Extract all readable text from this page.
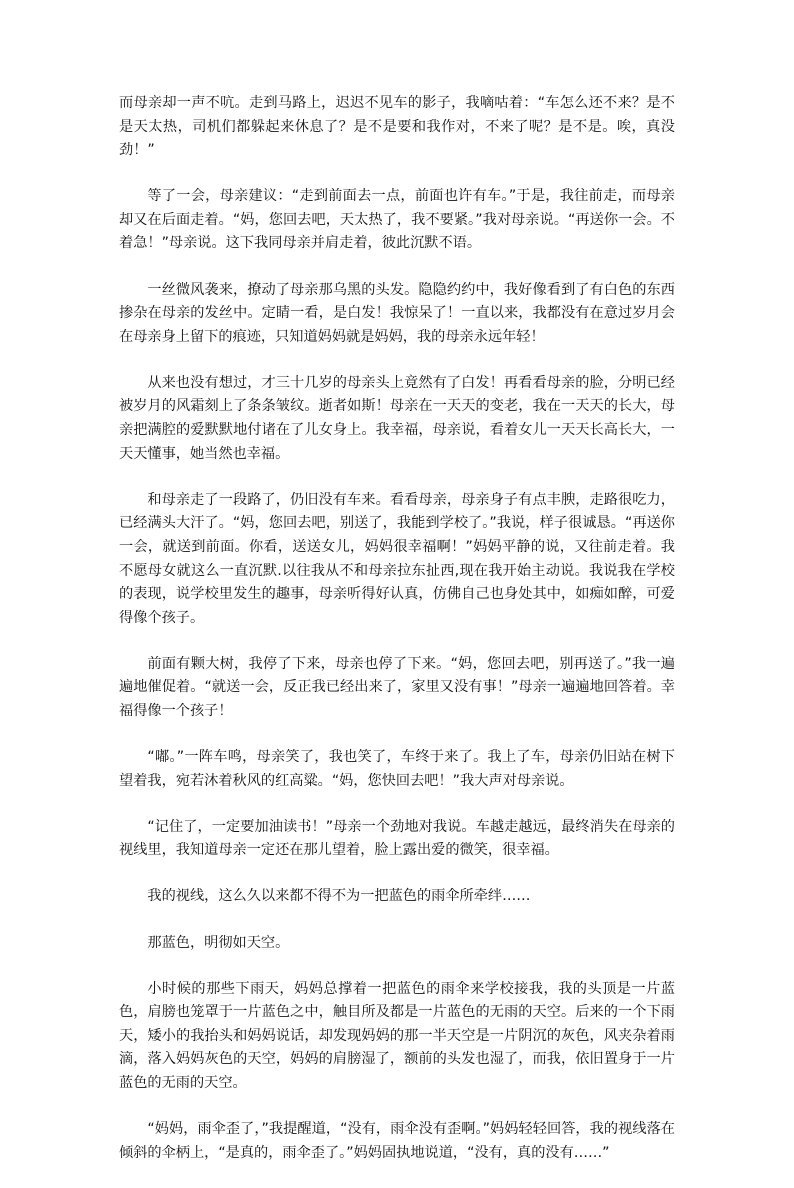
而母亲却一声不吭。走到马路上，迟迟不见车的影子，我嘀咕着：“车怎么还不来？是不是天太热，司机们都躲起来休息了？是不是要和我作对，不来了呢？是不是。唉，真没劲！”

等了一会，母亲建议：“走到前面去一点，前面也许有车。”于是，我往前走，而母亲却又在后面走着。“妈，您回去吧，天太热了，我不要紧。”我对母亲说。“再送你一会。不着急！”母亲说。这下我同母亲并肩走着，彼此沉默不语。

一丝微风袭来，撩动了母亲那乌黑的头发。隐隐约约中，我好像看到了有白色的东西掺杂在母亲的发丝中。定睛一看，是白发！我惊呆了！一直以来，我都没有在意过岁月会在母亲身上留下的痕迹，只知道妈妈就是妈妈，我的母亲永远年轻！

从来也没有想过，才三十几岁的母亲头上竟然有了白发！再看看母亲的脸，分明已经被岁月的风霜刻上了条条皱纹。逝者如斯！母亲在一天天的变老，我在一天天的长大，母亲把满腔的爱默默地付诸在了儿女身上。我幸福，母亲说，看着女儿一天天长高长大，一天天懂事，她当然也幸福。

和母亲走了一段路了，仍旧没有车来。看看母亲，母亲身子有点丰腴，走路很吃力，已经满头大汗了。“妈，您回去吧，别送了，我能到学校了。”我说，样子很诚恳。“再送你一会，就送到前面。你看，送送女儿，妈妈很幸福啊！”妈妈平静的说，又往前走着。我不愿母女就这么一直沉默.以往我从不和母亲拉东扯西,现在我开始主动说。我说我在学校的表现，说学校里发生的趣事，母亲听得好认真，仿佛自己也身处其中，如痴如醉，可爱得像个孩子。

前面有颗大树，我停了下来，母亲也停了下来。“妈，您回去吧，别再送了。”我一遍遍地催促着。“就送一会，反正我已经出来了，家里又没有事！”母亲一遍遍地回答着。幸福得像一个孩子！

“嘟。”一阵车鸣，母亲笑了，我也笑了，车终于来了。我上了车，母亲仍旧站在树下望着我，宛若沐着秋风的红高粱。“妈，您快回去吧！”我大声对母亲说。

“记住了，一定要加油读书！”母亲一个劲地对我说。车越走越远，最终消失在母亲的视线里，我知道母亲一定还在那儿望着，脸上露出爱的微笑，很幸福。

我的视线，这么久以来都不得不为一把蓝色的雨伞所牵绊……

那蓝色，明彻如天空。

小时候的那些下雨天，妈妈总撑着一把蓝色的雨伞来学校接我，我的头顶是一片蓝色，肩膀也笼罩于一片蓝色之中，触目所及都是一片蓝色的无雨的天空。后来的一个下雨天，矮小的我抬头和妈妈说话，却发现妈妈的那一半天空是一片阴沉的灰色，风夹杂着雨滴，落入妈妈灰色的天空，妈妈的肩膀湿了，额前的头发也湿了，而我，依旧置身于一片蓝色的无雨的天空。

“妈妈，雨伞歪了，”我提醒道，“没有，雨伞没有歪啊。”妈妈轻轻回答，我的视线落在倾斜的伞柄上，“是真的，雨伞歪了。”妈妈固执地说道，“没有，真的没有……”
